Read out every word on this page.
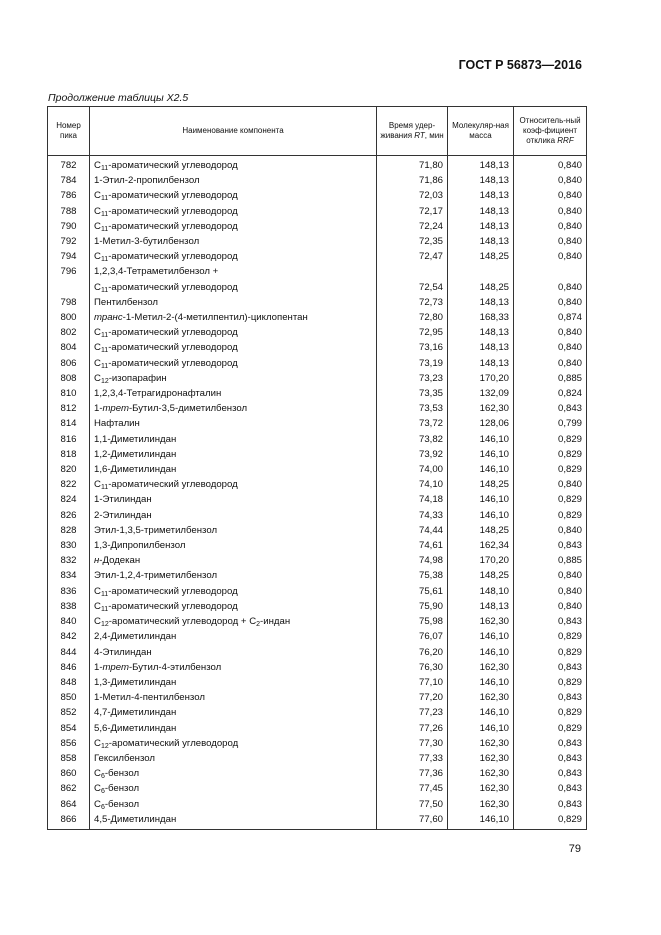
ГОСТ Р 56873—2016
Продолжение таблицы X2.5
Номер пика	Наименование компонента	Время удер-живания RT, мин	Молекуляр-ная масса	Относитель-ный коэф-фициент отклика RRF
782	$C_{11}$-ароматический углеводород	71,80	148,13	0,840
784	1-Этил-2-пропилбензол	71,86	148,13	0,840
786	$C_{11}$-ароматический углеводород	72,03	148,13	0,840
788	$C_{11}$-ароматический углеводород	72,17	148,13	0,840
790	$C_{11}$-ароматический углеводород	72,24	148,13	0,840
792	1-Метил-3-бутилбензол	72,35	148,13	0,840
794	$C_{11}$-ароматический углеводород	72,47	148,25	0,840
796	1,2,3,4-Тетраметилбензол +
$C_{11}$-ароматический углеводород	72,54	148,25	0,840
798	Пентилбензол	72,73	148,13	0,840
800	транс-1-Метил-2-(4-метилпентил)-циклопентан	72,80	168,33	0,874
802	$C_{11}$-ароматический углеводород	72,95	148,13	0,840
804	$C_{11}$-ароматический углеводород	73,16	148,13	0,840
806	$C_{11}$-ароматический углеводород	73,19	148,13	0,840
808	$C_{12}$-изопарафин	73,23	170,20	0,885
810	1,2,3,4-Тетрагидронафталин	73,35	132,09	0,824
812	1-трет-Бутил-3,5-диметилбензол	73,53	162,30	0,843
814	Нафталин	73,72	128,06	0,799
816	1,1-Диметилиндан	73,82	146,10	0,829
818	1,2-Диметилиндан	73,92	146,10	0,829
820	1,6-Диметилиндан	74,00	146,10	0,829
822	$C_{11}$-ароматический углеводород	74,10	148,25	0,840
824	1-Этилиндан	74,18	146,10	0,829
826	2-Этилиндан	74,33	146,10	0,829
828	Этил-1,3,5-триметилбензол	74,44	148,25	0,840
830	1,3-Дипропилбензол	74,61	162,34	0,843
832	н-Додекан	74,98	170,20	0,885
834	Этил-1,2,4-триметилбензол	75,38	148,25	0,840
836	$C_{11}$-ароматический углеводород	75,61	148,10	0,840
838	$C_{11}$-ароматический углеводород	75,90	148,13	0,840
840	$C_{12}$-ароматический углеводород + $C_2$-индан	75,98	162,30	0,843
842	2,4-Диметилиндан	76,07	146,10	0,829
844	4-Этилиндан	76,20	146,10	0,829
846	1-трет-Бутил-4-этилбензол	76,30	162,30	0,843
848	1,3-Диметилиндан	77,10	146,10	0,829
850	1-Метил-4-пентилбензол	77,20	162,30	0,843
852	4,7-Диметилиндан	77,23	146,10	0,829
854	5,6-Диметилиндан	77,26	146,10	0,829
856	$C_{12}$-ароматический углеводород	77,30	162,30	0,843
858	Гексилбензол	77,33	162,30	0,843
860	$C_6$-бензол	77,36	162,30	0,843
862	$C_6$-бензол	77,45	162,30	0,843
864	$C_6$-бензол	77,50	162,30	0,843
866	4,5-Диметилиндан	77,60	146,10	0,829
79
